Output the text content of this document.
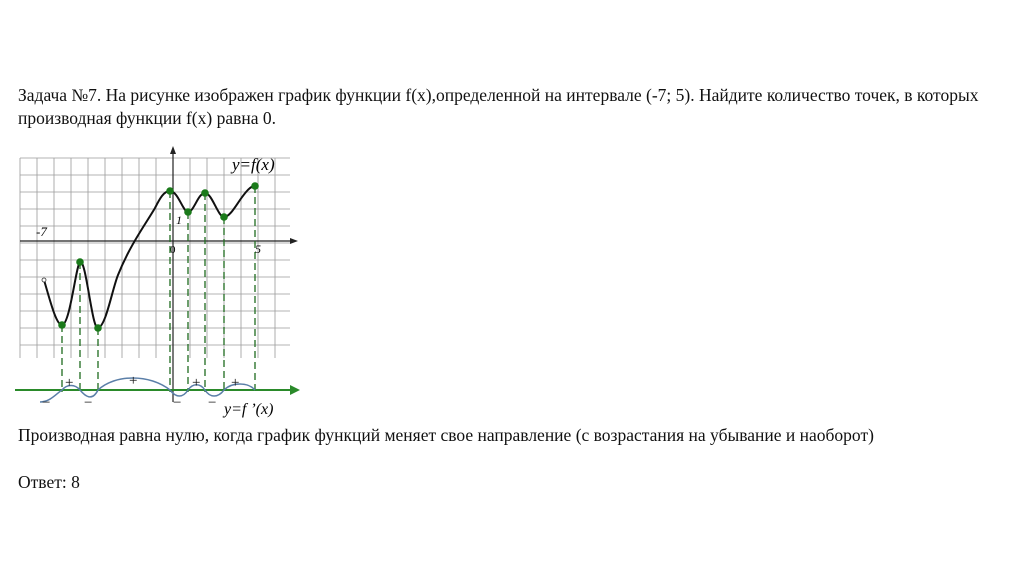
Задача №7. На рисунке изображен график функции f(x),определенной на интервале (-7; 5). Найдите количество точек, в которых производная функции f(x) равна 0.

-7
1
0	5
y=f(x)
−
+
−
+
−
+
−
+
y=f ’(x)

Производная равна нулю, когда график функций меняет свое направление (с возрастания на убывание и наоборот)

Ответ: 8
